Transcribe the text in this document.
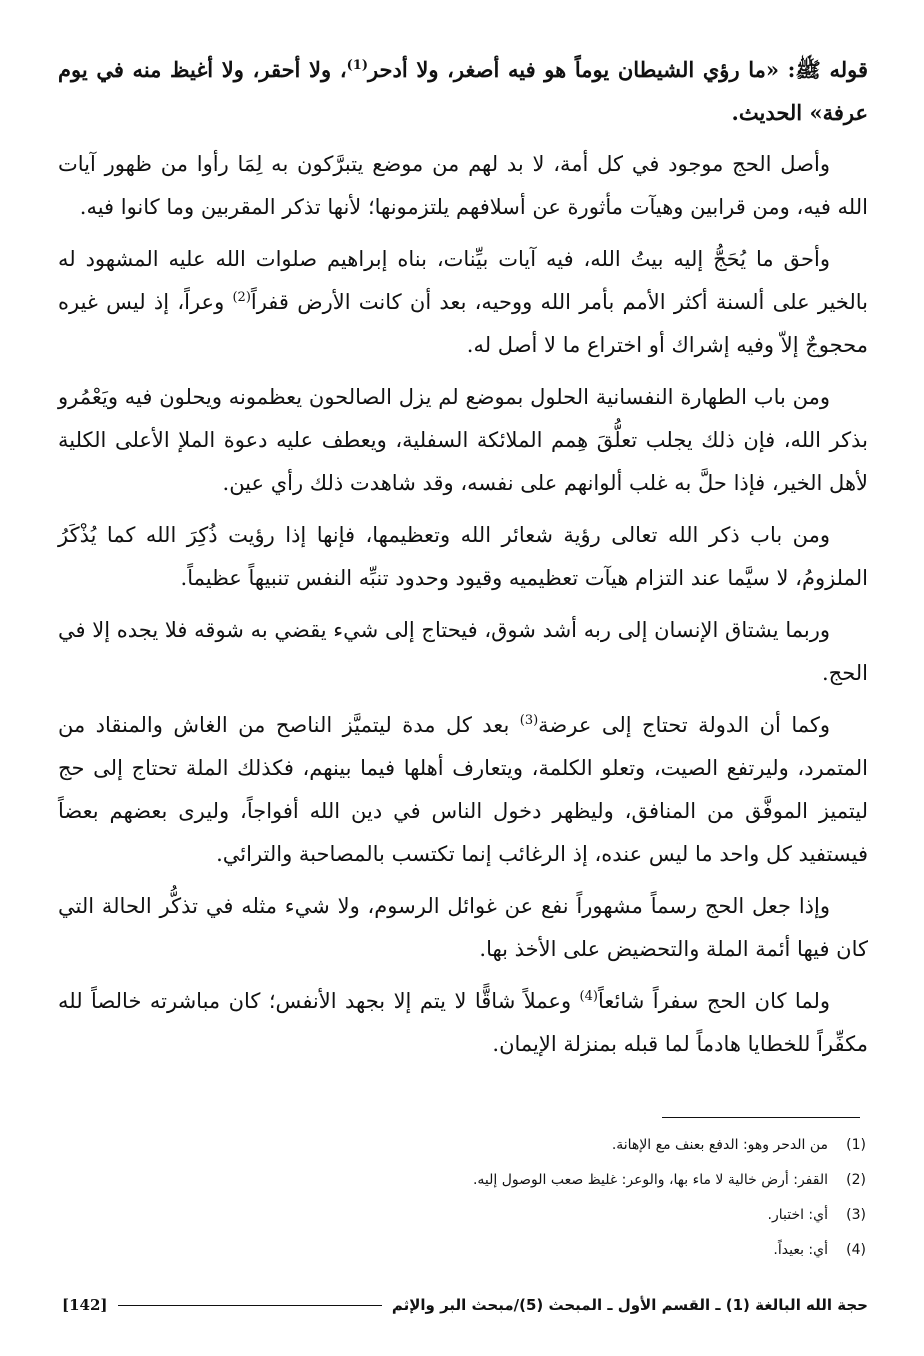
قوله ﷺ: «ما رؤي الشيطان يوماً هو فيه أصغر، ولا أدحر$^{(1)}$، ولا أحقر، ولا أغيظ منه في يوم عرفة» الحديث.

وأصل الحج موجود في كل أمة، لا بد لهم من موضع يتبرَّكون به لِمَا رأوا من ظهور آيات الله فيه، ومن قرابين وهيآت مأثورة عن أسلافهم يلتزمونها؛ لأنها تذكر المقربين وما كانوا فيه.

وأحق ما يُحَجُّ إليه بيتُ الله، فيه آيات بيِّنات، بناه إبراهيم صلوات الله عليه المشهود له بالخير على ألسنة أكثر الأمم بأمر الله ووحيه، بعد أن كانت الأرض قفراً$^{(2)}$ وعراً، إذ ليس غيره محجوجٌ إلاّ وفيه إشراك أو اختراع ما لا أصل له.

ومن باب الطهارة النفسانية الحلول بموضع لم يزل الصالحون يعظمونه ويحلون فيه ويَعْمُرو بذكر الله، فإن ذلك يجلب تعلُّقَ هِمم الملائكة السفلية، ويعطف عليه دعوة الملإ الأعلى الكلية لأهل الخير، فإذا حلَّ به غلب ألوانهم على نفسه، وقد شاهدت ذلك رأي عين.

ومن باب ذكر الله تعالى رؤية شعائر الله وتعظيمها، فإنها إذا رؤيت ذُكِرَ الله كما يُذْكَرُ الملزومُ، لا سيَّما عند التزام هيآت تعظيميه وقيود وحدود تنبِّه النفس تنبيهاً عظيماً.

وربما يشتاق الإنسان إلى ربه أشد شوق، فيحتاج إلى شيء يقضي به شوقه فلا يجده إلا في الحج.

وكما أن الدولة تحتاج إلى عرضة$^{(3)}$ بعد كل مدة ليتميَّز الناصح من الغاش والمنقاد من المتمرد، وليرتفع الصيت، وتعلو الكلمة، ويتعارف أهلها فيما بينهم، فكذلك الملة تحتاج إلى حج ليتميز الموفَّق من المنافق، وليظهر دخول الناس في دين الله أفواجاً، وليرى بعضهم بعضاً فيستفيد كل واحد ما ليس عنده، إذ الرغائب إنما تكتسب بالمصاحبة والترائي.

وإذا جعل الحج رسماً مشهوراً نفع عن غوائل الرسوم، ولا شيء مثله في تذكُّر الحالة التي كان فيها أئمة الملة والتحضيض على الأخذ بها.

ولما كان الحج سفراً شائعاً$^{(4)}$ وعملاً شاقًّا لا يتم إلا بجهد الأنفس؛ كان مباشرته خالصاً لله مكفِّراً للخطايا هادماً لما قبله بمنزلة الإيمان.

(1)
من الدحر وهو: الدفع بعنف مع الإهانة.
(2)
القفر: أرض خالية لا ماء بها، والوعر: غليظ صعب الوصول إليه.
(3)
أي: اختبار.
(4)
أي: بعيداً.
حجة الله البالغة (1) ـ القسم الأول ـ المبحث (5)/مبحث البر والإثم
[142]
